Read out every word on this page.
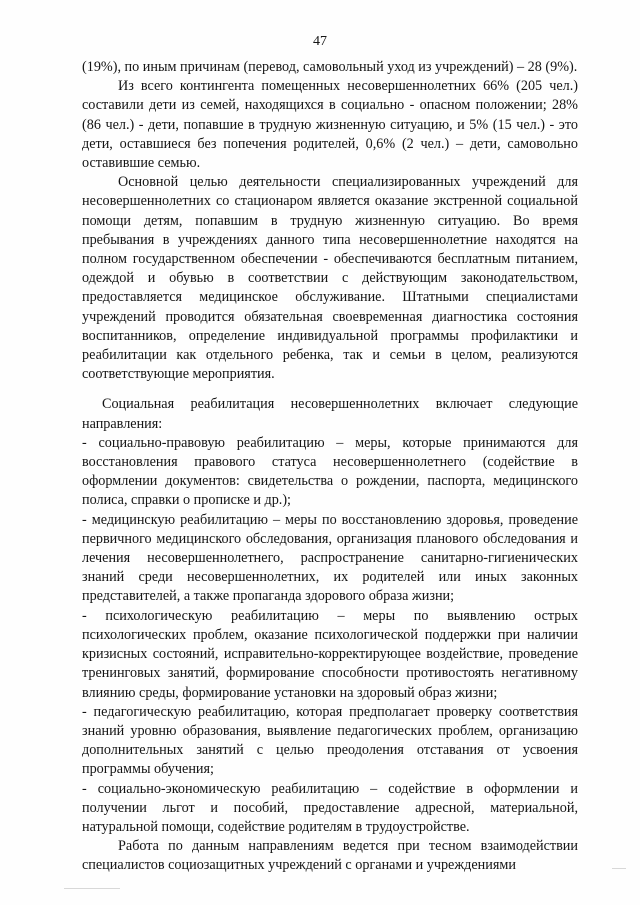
47

(19%), по иным причинам (перевод, самовольный уход из учреждений) – 28 (9%).

Из всего контингента помещенных несовершеннолетних 66% (205 чел.) составили дети из семей, находящихся в социально - опасном положении; 28% (86 чел.) - дети, попавшие в трудную жизненную ситуацию, и 5% (15 чел.) - это дети, оставшиеся без попечения родителей, 0,6% (2 чел.) – дети, самовольно оставившие семью.

Основной целью деятельности специализированных учреждений для несовершеннолетних со стационаром является оказание экстренной социальной помощи детям, попавшим в трудную жизненную ситуацию. Во время пребывания в учреждениях данного типа несовершеннолетние находятся на полном государственном обеспечении - обеспечиваются бесплатным питанием, одеждой и обувью в соответствии с действующим законодательством, предоставляется медицинское обслуживание. Штатными специалистами учреждений проводится обязательная своевременная диагностика состояния воспитанников, определение индивидуальной программы профилактики и реабилитации как отдельного ребенка, так и семьи в целом, реализуются соответствующие мероприятия.

Социальная реабилитация несовершеннолетних включает следующие направления:

- социально-правовую реабилитацию – меры, которые принимаются для восстановления правового статуса несовершеннолетнего (содействие в оформлении документов: свидетельства о рождении, паспорта, медицинского полиса, справки о прописке и др.);

- медицинскую реабилитацию – меры по восстановлению здоровья, проведение первичного медицинского обследования, организация планового обследования и лечения несовершеннолетнего, распространение санитарно-гигиенических знаний среди несовершеннолетних, их родителей или иных законных представителей, а также пропаганда здорового образа жизни;

- психологическую реабилитацию – меры по выявлению острых психологических проблем, оказание психологической поддержки при наличии кризисных состояний, исправительно-корректирующее воздействие, проведение тренинговых занятий, формирование способности противостоять негативному влиянию среды, формирование установки на здоровый образ жизни;

- педагогическую реабилитацию, которая предполагает проверку соответствия знаний уровню образования, выявление педагогических проблем, организацию дополнительных занятий с целью преодоления отставания от усвоения программы обучения;

- социально-экономическую реабилитацию – содействие в оформлении и получении льгот и пособий, предоставление адресной, материальной, натуральной помощи, содействие родителям в трудоустройстве.

Работа по данным направлениям ведется при тесном взаимодействии специалистов социозащитных учреждений с органами и учреждениями
